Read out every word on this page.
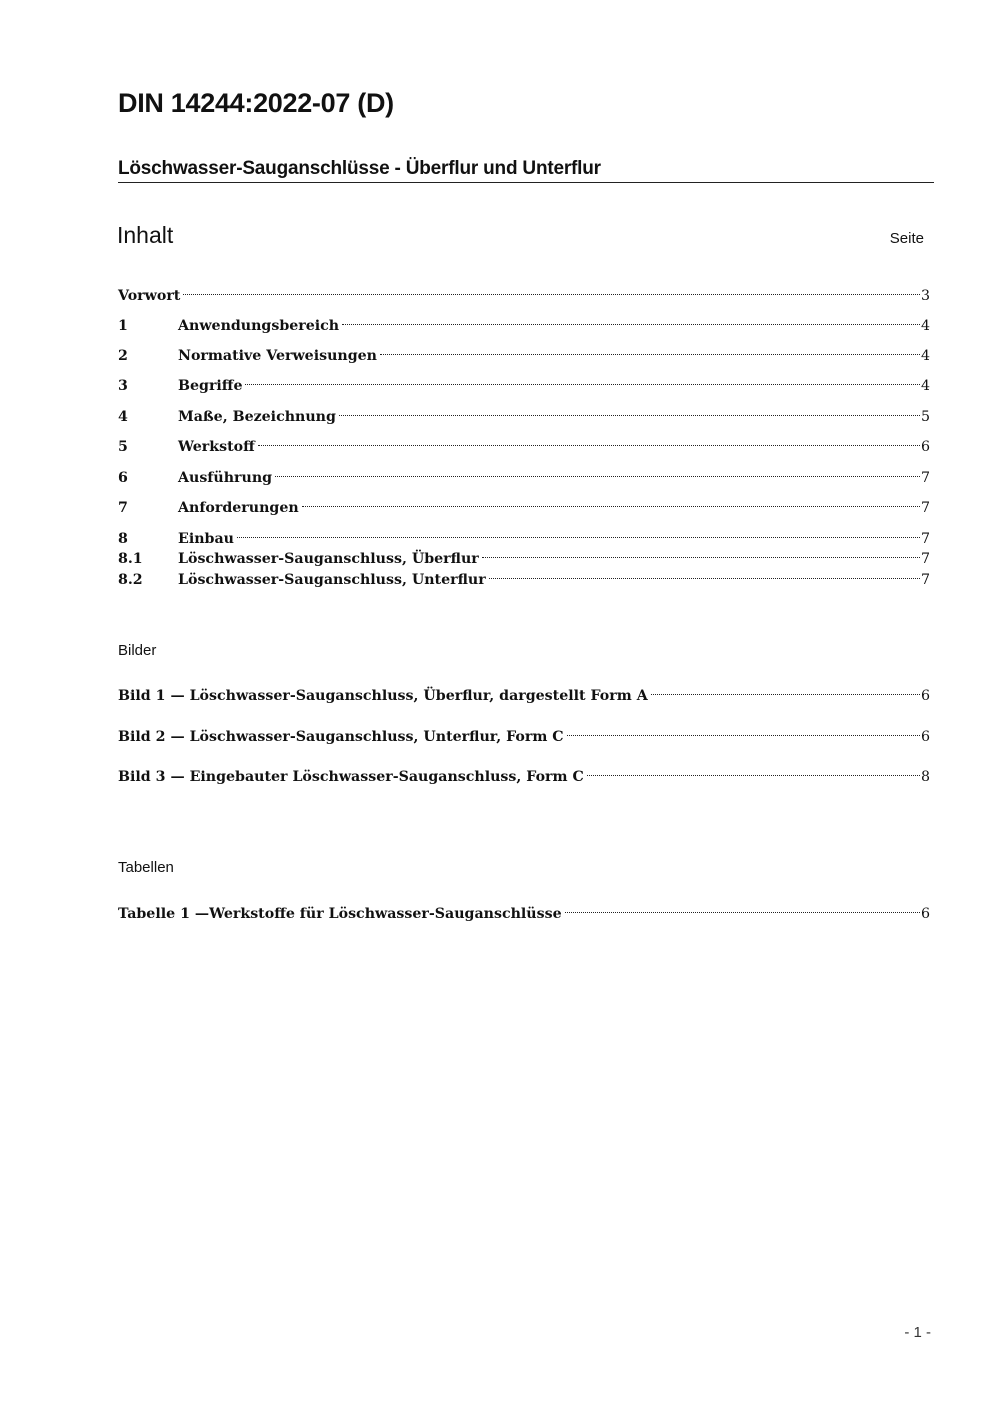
DIN 14244:2022-07 (D)
Löschwasser-Sauganschlüsse - Überflur und Unterflur
Inhalt	Seite
Vorwort	3
1	Anwendungsbereich	4
2	Normative Verweisungen	4
3	Begriffe	4
4	Maße, Bezeichnung	5
5	Werkstoff	6
6	Ausführung	7
7	Anforderungen	7
8	Einbau	7
8.1	Löschwasser-Sauganschluss, Überflur	7
8.2	Löschwasser-Sauganschluss, Unterflur	7
Bilder
Bild 1 — Löschwasser-Sauganschluss, Überflur, dargestellt Form A	6
Bild 2 — Löschwasser-Sauganschluss, Unterflur, Form C	6
Bild 3 — Eingebauter Löschwasser-Sauganschluss, Form C	8
Tabellen
Tabelle 1 —Werkstoffe für Löschwasser-Sauganschlüsse	6
- 1 -
